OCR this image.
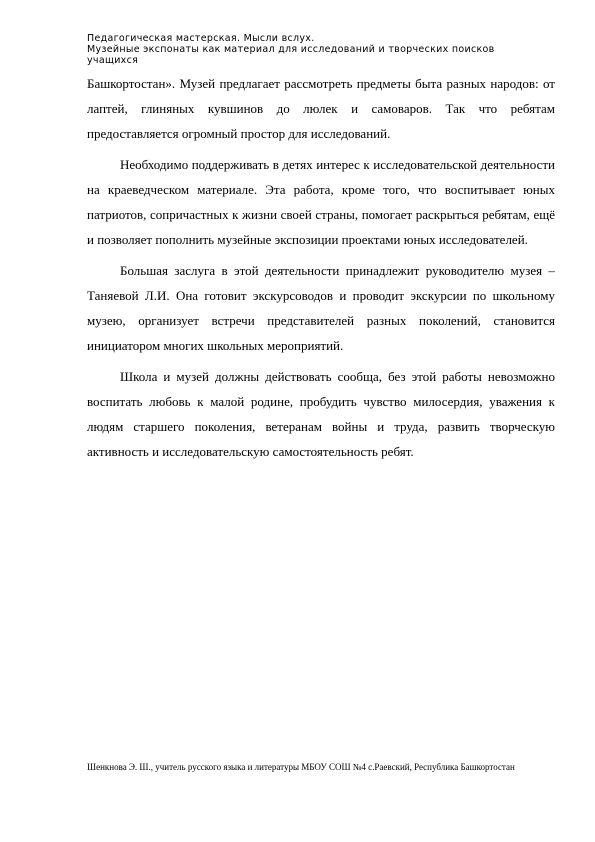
Педагогическая мастерская. Мысли вслух.
Музейные экспонаты как материал для исследований и творческих поисков
учащихся

Башкортостан». Музей предлагает рассмотреть предметы быта разных народов: от лаптей, глиняных кувшинов до люлек и самоваров. Так что ребятам предоставляется огромный простор для исследований.

Необходимо поддерживать в детях интерес к исследовательской деятельности на краеведческом материале. Эта работа, кроме того, что воспитывает юных патриотов, сопричастных к жизни своей страны, помогает раскрыться ребятам, ещё и позволяет пополнить музейные экспозиции проектами юных исследователей.

Большая заслуга в этой деятельности принадлежит руководителю музея – Таняевой Л.И. Она готовит экскурсоводов и проводит экскурсии по школьному музею, организует встречи представителей разных поколений, становится инициатором многих школьных мероприятий.

Школа и музей должны действовать сообща, без этой работы невозможно воспитать любовь к малой родине, пробудить чувство милосердия, уважения к людям старшего поколения, ветеранам войны и труда, развить творческую активность и исследовательскую самостоятельность ребят.

Шенкнова Э. Ш., учитель русского языка и литературы МБОУ СОШ №4 с.Раевский, Республика Башкортостан
